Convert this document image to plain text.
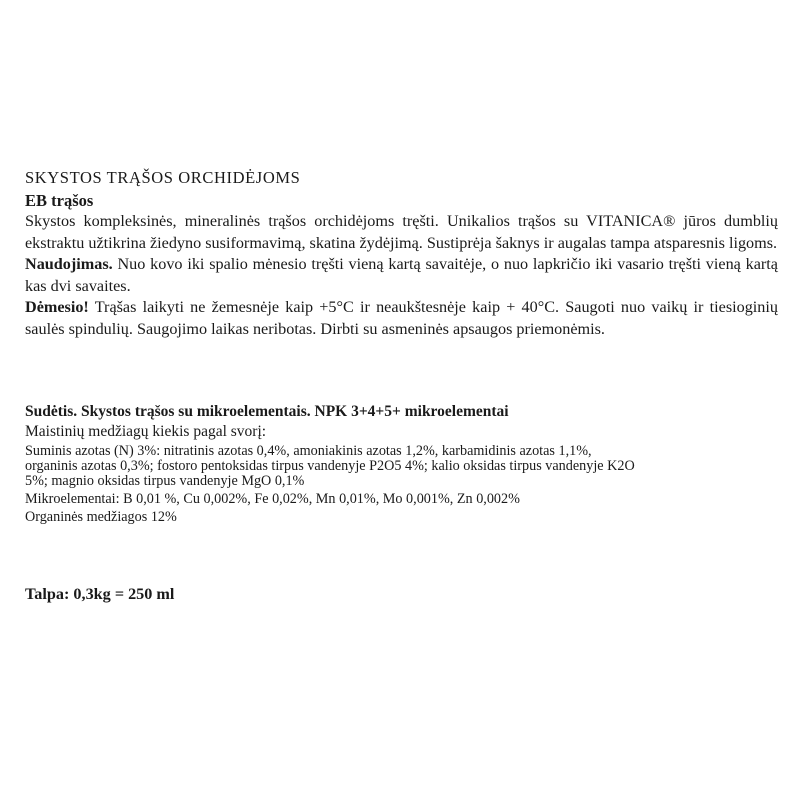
SKYSTOS TRĄŠOS ORCHIDĖJOMS
EB trąšos

Skystos kompleksinės, mineralinės trąšos orchidėjoms tręšti. Unikalios trąšos su VITANICA® jūros dumblių ekstraktu užtikrina žiedyno susiformavimą, skatina žydėjimą. Sustiprėja šaknys ir augalas tampa atsparesnis ligoms.

Naudojimas. Nuo kovo iki spalio mėnesio tręšti vieną kartą savaitėje, o nuo lapkričio iki vasario tręšti vieną kartą kas dvi savaites.

Dėmesio! Trąšas laikyti ne žemesnėje kaip +5°C ir neaukštesnėje kaip + 40°C. Saugoti nuo vaikų ir tiesioginių saulės spindulių. Saugojimo laikas neribotas. Dirbti su asmeninės apsaugos priemonėmis.

Sudėtis. Skystos trąšos su mikroelementais. NPK 3+4+5+ mikroelementai
Maistinių medžiagų kiekis pagal svorį:
Suminis azotas (N) 3%: nitratinis azotas 0,4%, amoniakinis azotas 1,2%, karbamidinis azotas 1,1%,
organinis azotas 0,3%; fostoro pentoksidas tirpus vandenyje P2O5 4%; kalio oksidas tirpus vandenyje K2O
5%; magnio oksidas tirpus vandenyje MgO 0,1%
Mikroelementai: B 0,01 %, Cu 0,002%, Fe 0,02%, Mn 0,01%, Mo 0,001%, Zn 0,002%
Organinės medžiagos 12%
Talpa: 0,3kg = 250 ml
